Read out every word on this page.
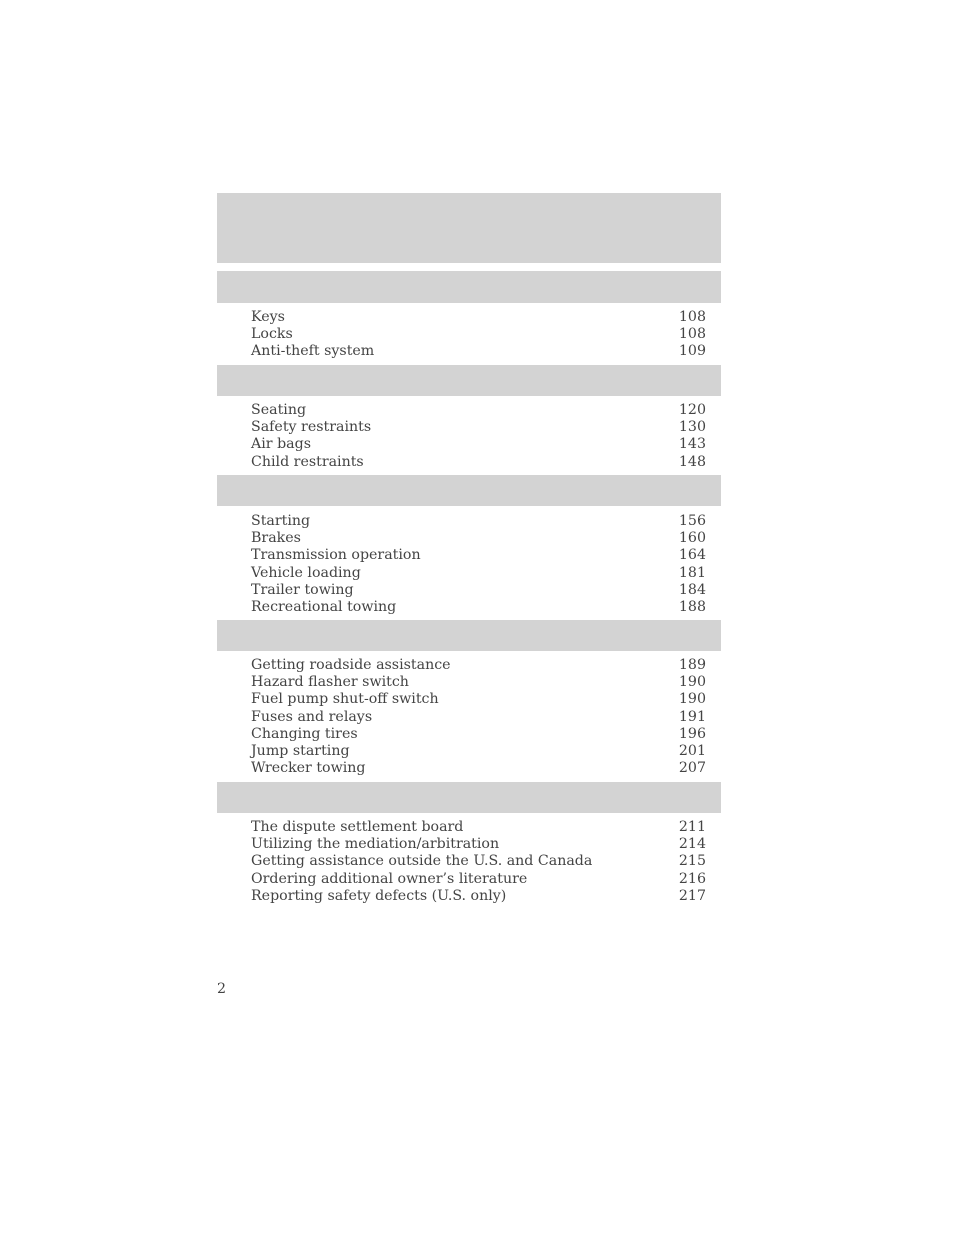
Keys	108
Locks	108
Anti-theft system	109
Seating	120
Safety restraints	130
Air bags	143
Child restraints	148
Starting	156
Brakes	160
Transmission operation	164
Vehicle loading	181
Trailer towing	184
Recreational towing	188
Getting roadside assistance	189
Hazard flasher switch	190
Fuel pump shut-off switch	190
Fuses and relays	191
Changing tires	196
Jump starting	201
Wrecker towing	207
The dispute settlement board	211
Utilizing the mediation/arbitration	214
Getting assistance outside the U.S. and Canada	215
Ordering additional owner’s literature	216
Reporting safety defects (U.S. only)	217
2
